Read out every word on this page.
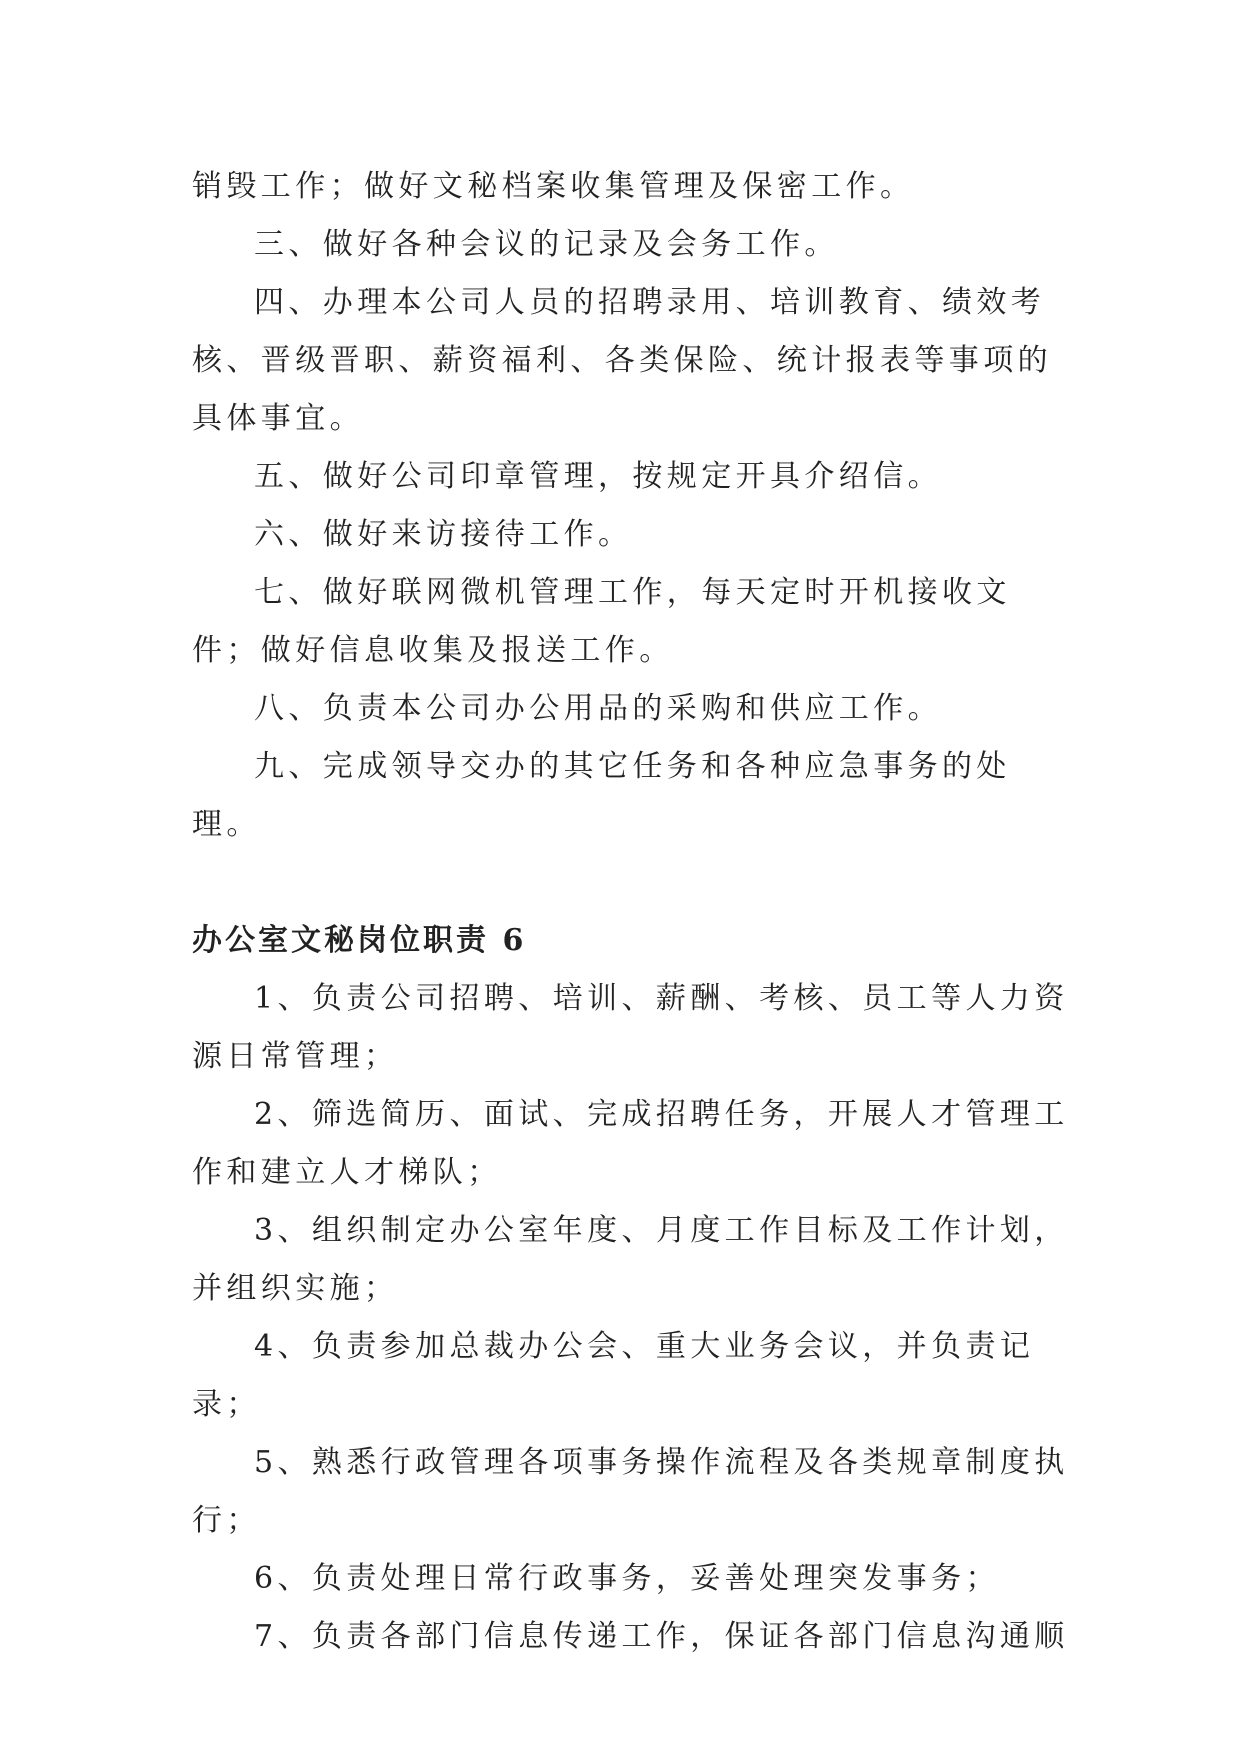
销毁工作；做好文秘档案收集管理及保密工作。

三、做好各种会议的记录及会务工作。

四、办理本公司人员的招聘录用、培训教育、绩效考核、晋级晋职、薪资福利、各类保险、统计报表等事项的具体事宜。

五、做好公司印章管理，按规定开具介绍信。

六、做好来访接待工作。

七、做好联网微机管理工作，每天定时开机接收文件；做好信息收集及报送工作。

八、负责本公司办公用品的采购和供应工作。

九、完成领导交办的其它任务和各种应急事务的处理。

办公室文秘岗位职责 6

1、负责公司招聘、培训、薪酬、考核、员工等人力资源日常管理；

2、筛选简历、面试、完成招聘任务，开展人才管理工作和建立人才梯队；

3、组织制定办公室年度、月度工作目标及工作计划，并组织实施；

4、负责参加总裁办公会、重大业务会议，并负责记录；

5、熟悉行政管理各项事务操作流程及各类规章制度执行；

6、负责处理日常行政事务，妥善处理突发事务；

7、负责各部门信息传递工作，保证各部门信息沟通顺
